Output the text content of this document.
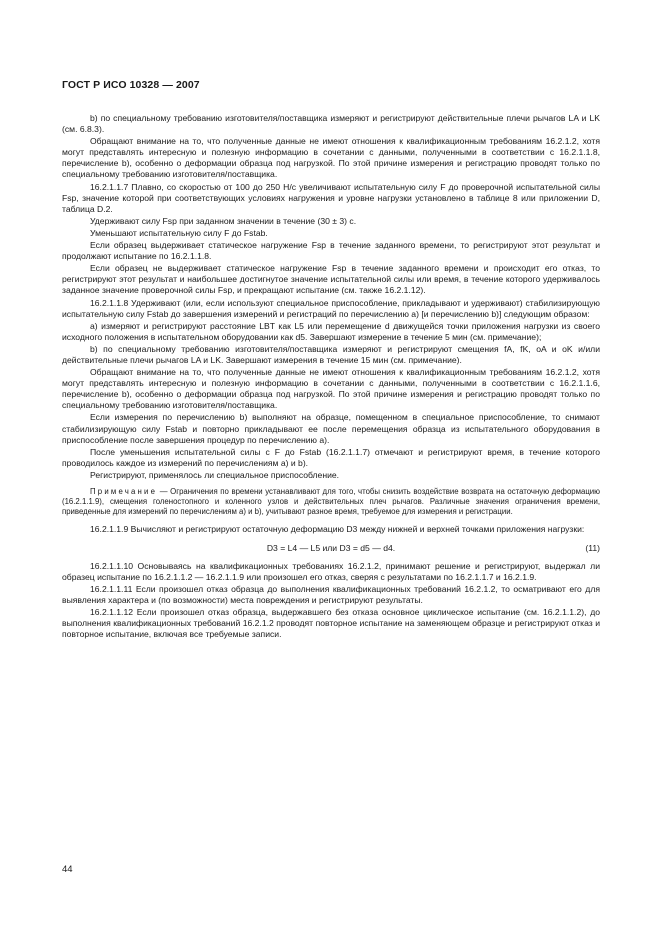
ГОСТ Р ИСО 10328 — 2007

b) по специальному требованию изготовителя/поставщика измеряют и регистрируют действительные плечи рычагов LA и LK (см. 6.8.3).

Обращают внимание на то, что полученные данные не имеют отношения к квалификационным требованиям 16.2.1.2, хотя могут представлять интересную и полезную информацию в сочетании с данными, полученными в соответствии с 16.2.1.1.8, перечисление b), особенно о деформации образца под нагрузкой. По этой причине измерения и регистрацию проводят только по специальному требованию изготовителя/поставщика.

16.2.1.1.7 Плавно, со скоростью от 100 до 250 Н/с увеличивают испытательную силу F до проверочной испытательной силы Fsp, значение которой при соответствующих условиях нагружения и уровне нагрузки установлено в таблице 8 или приложении D, таблица D.2.

Удерживают силу Fsp при заданном значении в течение (30 ± 3) с.

Уменьшают испытательную силу F до Fstab.

Если образец выдерживает статическое нагружение Fsp в течение заданного времени, то регистрируют этот результат и продолжают испытание по 16.2.1.1.8.

Если образец не выдерживает статическое нагружение Fsp в течение заданного времени и происходит его отказ, то регистрируют этот результат и наибольшее достигнутое значение испытательной силы или время, в течение которого удерживалось заданное значение проверочной силы Fsp, и прекращают испытание (см. также 16.2.1.12).

16.2.1.1.8 Удерживают (или, если используют специальное приспособление, прикладывают и удерживают) стабилизирующую испытательную силу Fstab до завершения измерений и регистраций по перечислению а) [и перечислению b)] следующим образом:

а) измеряют и регистрируют расстояние LBT как L5 или перемещение d движущейся точки приложения нагрузки из своего исходного положения в испытательном оборудовании как d5. Завершают измерение в течение 5 мин (см. примечание);

b) по специальному требованию изготовителя/поставщика измеряют и регистрируют смещения fA, fK, oA и oK и/или действительные плечи рычагов LA и LK. Завершают измерения в течение 15 мин (см. примечание).

Обращают внимание на то, что полученные данные не имеют отношения к квалификационным требованиям 16.2.1.2, хотя могут представлять интересную и полезную информацию в сочетании с данными, полученными в соответствии с 16.2.1.1.6, перечисление b), особенно о деформации образца под нагрузкой. По этой причине измерения и регистрацию проводят только по специальному требованию изготовителя/поставщика.

Если измерения по перечислению b) выполняют на образце, помещенном в специальное приспособление, то снимают стабилизирующую силу Fstab и повторно прикладывают ее после перемещения образца из испытательного оборудования в приспособление после завершения процедур по перечислению а).

После уменьшения испытательной силы с F до Fstab (16.2.1.1.7) отмечают и регистрируют время, в течение которого проводилось каждое из измерений по перечислениям а) и b).

Регистрируют, применялось ли специальное приспособление.

Примечание — Ограничения по времени устанавливают для того, чтобы снизить воздействие возврата на остаточную деформацию (16.2.1.1.9), смещения голеностопного и коленного узлов и действительных плеч рычагов. Различные значения ограничения времени, приведенные для измерений по перечислениям а) и b), учитывают разное время, требуемое для измерения и регистрации.

16.2.1.1.9 Вычисляют и регистрируют остаточную деформацию D3 между нижней и верхней точками приложения нагрузки:

D3 = L4 — L5 или D3 = d5 — d4.	(11)

16.2.1.1.10 Основываясь на квалификационных требованиях 16.2.1.2, принимают решение и регистрируют, выдержал ли образец испытание по 16.2.1.1.2 — 16.2.1.1.9 или произошел его отказ, сверяя с результатами по 16.2.1.1.7 и 16.2.1.9.

16.2.1.1.11 Если произошел отказ образца до выполнения квалификационных требований 16.2.1.2, то осматривают его для выявления характера и (по возможности) места повреждения и регистрируют результаты.

16.2.1.1.12 Если произошел отказ образца, выдержавшего без отказа основное циклическое испытание (см. 16.2.1.1.2), до выполнения квалификационных требований 16.2.1.2 проводят повторное испытание на заменяющем образце и регистрируют отказ и повторное испытание, включая все требуемые записи.

44
